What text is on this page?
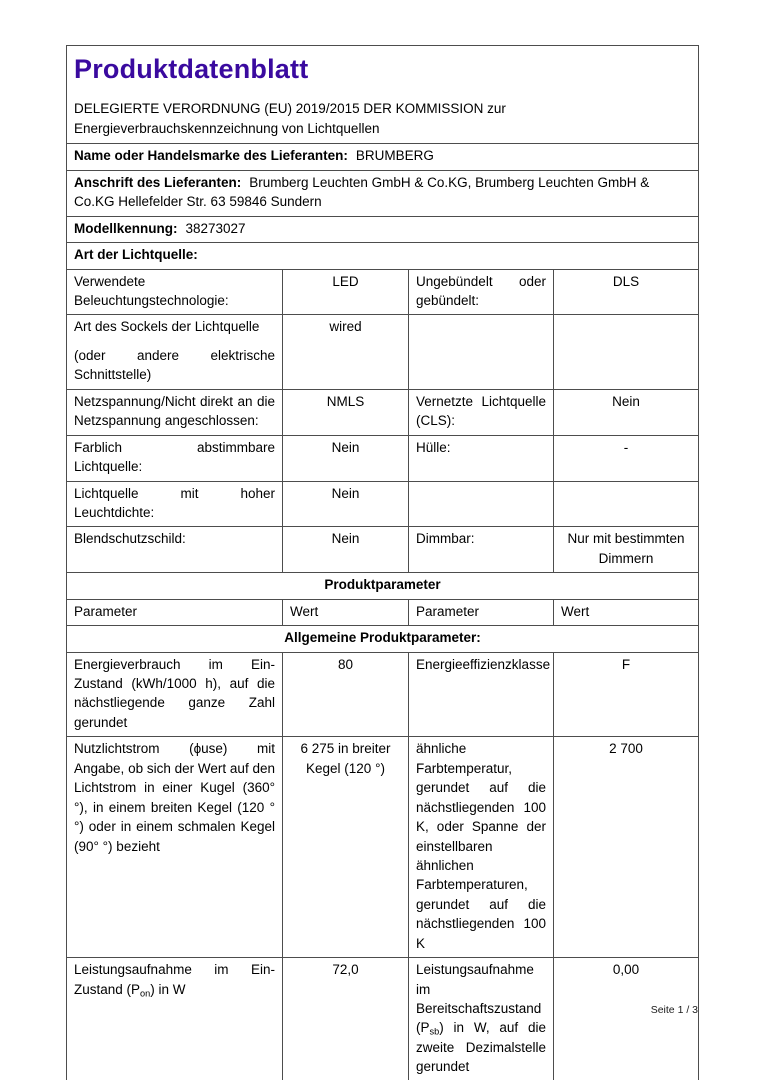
Produktdatenblatt

DELEGIERTE VERORDNUNG (EU) 2019/2015 DER KOMMISSION zur Energieverbrauchskennzeichnung von Lichtquellen			

Name oder Handelsmarke des Lieferanten: BRUMBERG			
Anschrift des Lieferanten: Brumberg Leuchten GmbH & Co.KG, Brumberg Leuchten GmbH & Co.KG Hellefelder Str. 63 59846 Sundern			
Modellkennung: 38273027			
Art der Lichtquelle:			
Verwendete Beleuchtungstechnologie:	LED	Ungebündelt oder gebündelt:	DLS

Art des Sockels der Lichtquelle

(oder andere elektrische Schnittstelle)	wired		
Netzspannung/Nicht direkt an die Netzspannung angeschlossen:	NMLS	Vernetzte Lichtquelle (CLS):	Nein
Farblich abstimmbare Lichtquelle:	Nein	Hülle:	-
Lichtquelle mit hoher Leuchtdichte:	Nein		
Blendschutzschild:	Nein	Dimmbar:	Nur mit bestimmten Dimmern
Produktparameter			
Parameter	Wert	Parameter	Wert
Allgemeine Produktparameter:			
Energieverbrauch im Ein-Zustand (kWh/1000 h), auf die nächstliegende ganze Zahl gerundet	80	Energieeffizienzklasse	F
Nutzlichtstrom (ϕuse) mit Angabe, ob sich der Wert auf den Lichtstrom in einer Kugel (360° °), in einem breiten Kegel (120 °°) oder in einem schmalen Kegel (90° °) bezieht	6 275 in breiter Kegel (120 °)	ähnliche Farbtemperatur, gerundet auf die nächstliegenden 100 K, oder Spanne der einstellbaren ähnlichen Farbtemperaturen, gerundet auf die nächstliegenden 100 K	2 700
Leistungsaufnahme im Ein-Zustand $(P_{on})$ in W	72,0	Leistungsaufnahme im Bereitschaftszustand $(P_{sb})$ in W, auf die zweite Dezimalstelle gerundet	0,00
Seite 1 / 3
